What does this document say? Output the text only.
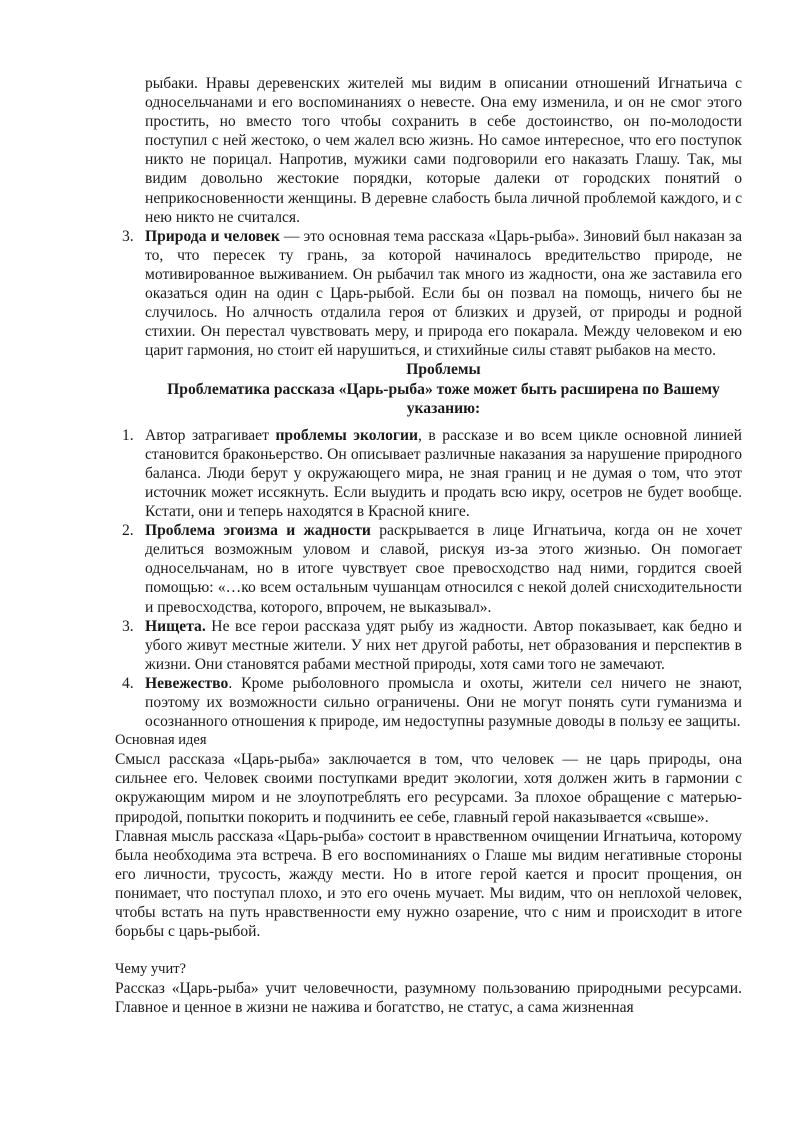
рыбаки. Нравы деревенских жителей мы видим в описании отношений Игнатьича с односельчанами и его воспоминаниях о невесте. Она ему изменила, и он не смог этого простить, но вместо того чтобы сохранить в себе достоинство, он по-молодости поступил с ней жестоко, о чем жалел всю жизнь. Но самое интересное, что его поступок никто не порицал. Напротив, мужики сами подговорили его наказать Глашу. Так, мы видим довольно жестокие порядки, которые далеки от городских понятий о неприкосновенности женщины. В деревне слабость была личной проблемой каждого, и с нею никто не считался.

3. Природа и человек — это основная тема рассказа «Царь-рыба». Зиновий был наказан за то, что пересек ту грань, за которой начиналось вредительство природе, не мотивированное выживанием. Он рыбачил так много из жадности, она же заставила его оказаться один на один с Царь-рыбой. Если бы он позвал на помощь, ничего бы не случилось. Но алчность отдалила героя от близких и друзей, от природы и родной стихии. Он перестал чувствовать меру, и природа его покарала. Между человеком и ею царит гармония, но стоит ей нарушиться, и стихийные силы ставят рыбаков на место.
Проблемы
Проблематика рассказа «Царь-рыба» тоже может быть расширена по Вашему указанию:
1. Автор затрагивает проблемы экологии, в рассказе и во всем цикле основной линией становится браконьерство. Он описывает различные наказания за нарушение природного баланса. Люди берут у окружающего мира, не зная границ и не думая о том, что этот источник может иссякнуть. Если выудить и продать всю икру, осетров не будет вообще. Кстати, они и теперь находятся в Красной книге.
2. Проблема эгоизма и жадности раскрывается в лице Игнатьича, когда он не хочет делиться возможным уловом и славой, рискуя из-за этого жизнью. Он помогает односельчанам, но в итоге чувствует свое превосходство над ними, гордится своей помощью: «…ко всем остальным чушанцам относился с некой долей снисходительности и превосходства, которого, впрочем, не выказывал».
3. Нищета. Не все герои рассказа удят рыбу из жадности. Автор показывает, как бедно и убого живут местные жители. У них нет другой работы, нет образования и перспектив в жизни. Они становятся рабами местной природы, хотя сами того не замечают.
4. Невежество. Кроме рыболовного промысла и охоты, жители сел ничего не знают, поэтому их возможности сильно ограничены. Они не могут понять сути гуманизма и осознанного отношения к природе, им недоступны разумные доводы в пользу ее защиты.
Основная идея

Смысл рассказа «Царь-рыба» заключается в том, что человек — не царь природы, она сильнее его. Человек своими поступками вредит экологии, хотя должен жить в гармонии с окружающим миром и не злоупотреблять его ресурсами. За плохое обращение с матерью-природой, попытки покорить и подчинить ее себе, главный герой наказывается «свыше».

Главная мысль рассказа «Царь-рыба» состоит в нравственном очищении Игнатьича, которому была необходима эта встреча. В его воспоминаниях о Глаше мы видим негативные стороны его личности, трусость, жажду мести. Но в итоге герой кается и просит прощения, он понимает, что поступал плохо, и это его очень мучает. Мы видим, что он неплохой человек, чтобы встать на путь нравственности ему нужно озарение, что с ним и происходит в итоге борьбы с царь-рыбой.

Чему учит?

Рассказ «Царь-рыба» учит человечности, разумному пользованию природными ресурсами. Главное и ценное в жизни не нажива и богатство, не статус, а сама жизненная
